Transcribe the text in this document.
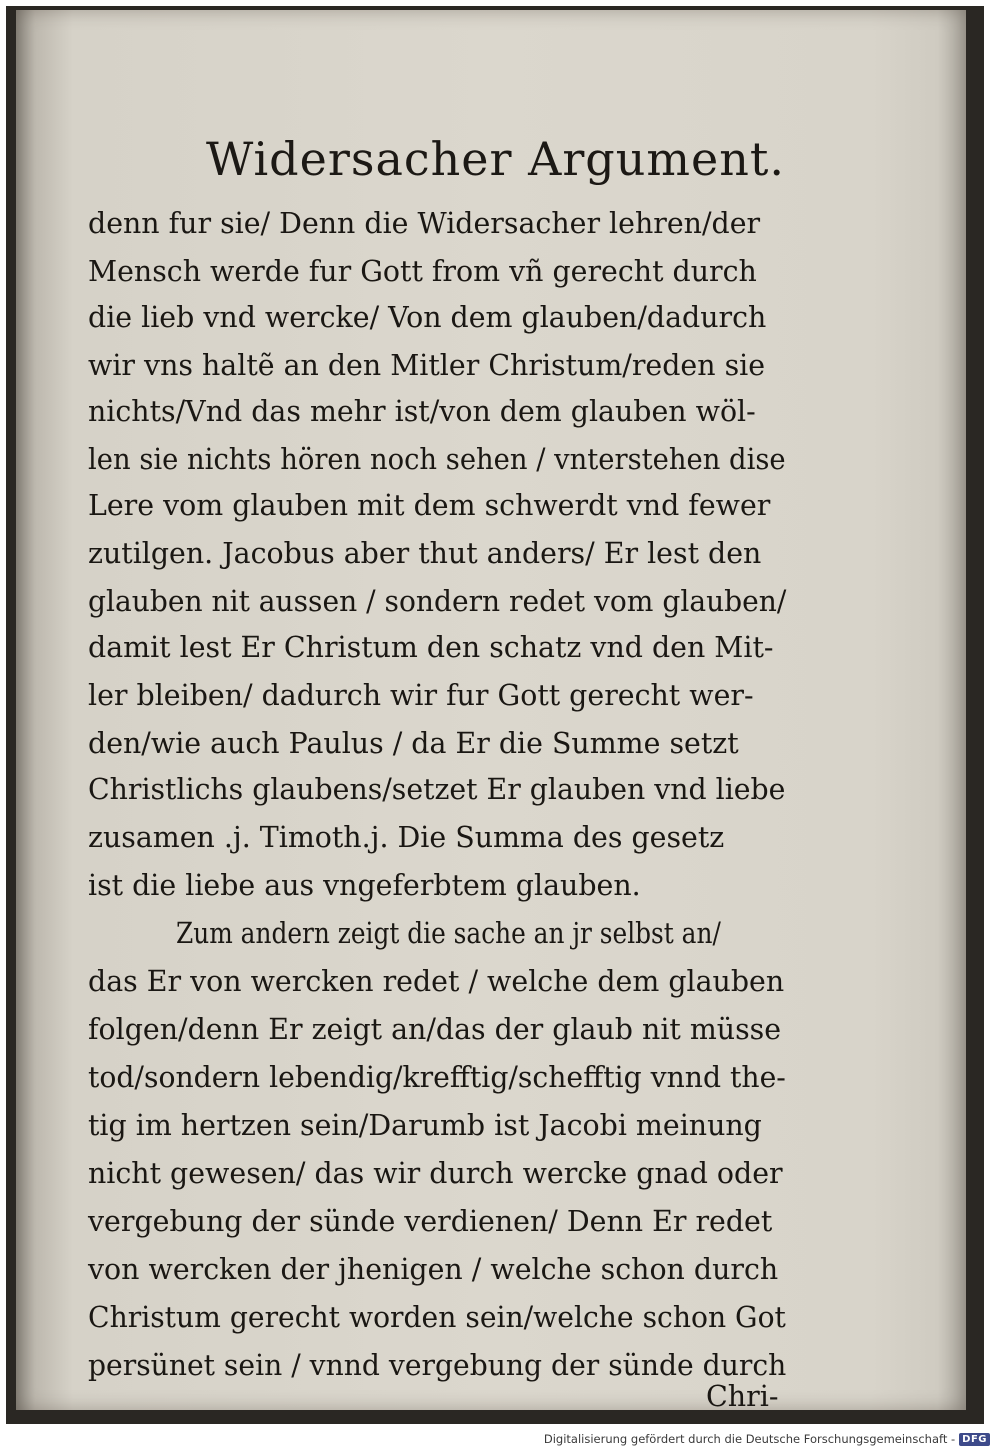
Widersacher Argument.
denn fur sie/ Denn die Widersacher lehren/der
Mensch werde fur Gott from vñ gerecht durch
die lieb vnd wercke/ Von dem glauben/dadurch
wir vns haltẽ an den Mitler Christum/reden sie
nichts/Vnd das mehr ist/von dem glauben wöl-
len sie nichts hören noch sehen / vnterstehen dise
Lere vom glauben mit dem schwerdt vnd fewer
zutilgen. Jacobus aber thut anders/ Er lest den
glauben nit aussen / sondern redet vom glauben/
damit lest Er Christum den schatz vnd den Mit-
ler bleiben/ dadurch wir fur Gott gerecht wer-
den/wie auch Paulus / da Er die Summe setzt
Christlichs glaubens/setzet Er glauben vnd liebe
zusamen .j. Timoth.j. Die Summa des gesetz
ist die liebe aus vngeferbtem glauben.
Zum andern zeigt die sache an jr selbst an/
das Er von wercken redet / welche dem glauben
folgen/denn Er zeigt an/das der glaub nit müsse
tod/sondern lebendig/krefftig/schefftig vnnd the-
tig im hertzen sein/Darumb ist Jacobi meinung
nicht gewesen/ das wir durch wercke gnad oder
vergebung der sünde verdienen/ Denn Er redet
von wercken der jhenigen / welche schon durch
Christum gerecht worden sein/welche schon Got
persünet sein / vnnd vergebung der sünde durch
Chri-
Digitalisierung gefördert durch die Deutsche Forschungsgemeinschaft - DFG
